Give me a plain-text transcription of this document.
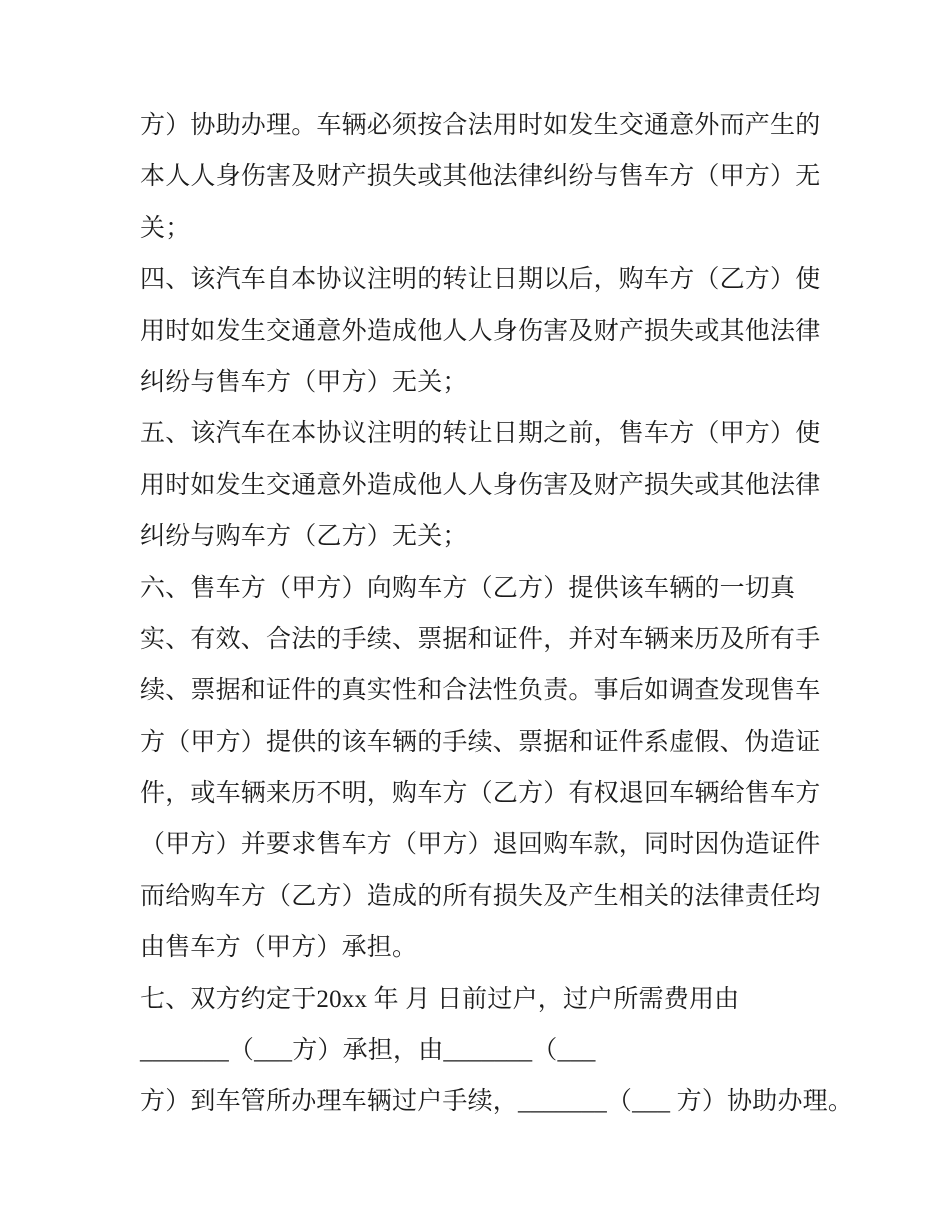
方）协助办理。车辆必须按合法用时如发生交通意外而产生的
本人人身伤害及财产损失或其他法律纠纷与售车方（甲方）无
关；
四、该汽车自本协议注明的转让日期以后，购车方（乙方）使
用时如发生交通意外造成他人人身伤害及财产损失或其他法律
纠纷与售车方（甲方）无关；
五、该汽车在本协议注明的转让日期之前，售车方（甲方）使
用时如发生交通意外造成他人人身伤害及财产损失或其他法律
纠纷与购车方（乙方）无关；
六、售车方（甲方）向购车方（乙方）提供该车辆的一切真
实、有效、合法的手续、票据和证件，并对车辆来历及所有手
续、票据和证件的真实性和合法性负责。事后如调查发现售车
方（甲方）提供的该车辆的手续、票据和证件系虚假、伪造证
件，或车辆来历不明，购车方（乙方）有权退回车辆给售车方
（甲方）并要求售车方（甲方）退回购车款，同时因伪造证件
而给购车方（乙方）造成的所有损失及产生相关的法律责任均
由售车方（甲方）承担。
七、双方约定于20xx 年 月 日前过户，过户所需费用由
_______（___方）承担，由_______（___
方）到车管所办理车辆过户手续，_______（___ 方）协助办理。
